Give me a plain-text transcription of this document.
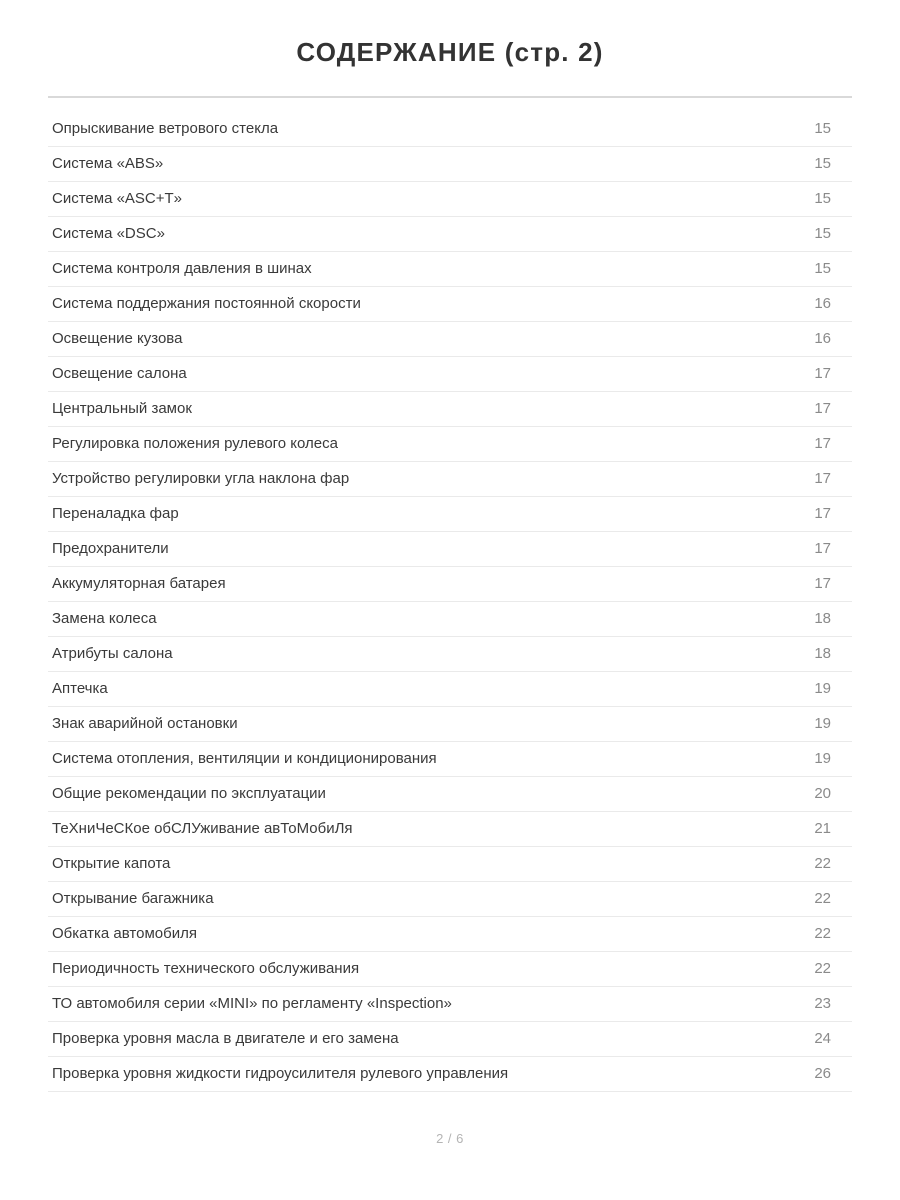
СОДЕРЖАНИЕ (стр. 2)
Опрыскивание ветрового стекла	15
Система «ABS»	15
Система «ASC+T»	15
Система «DSC»	15
Система контроля давления в шинах	15
Система поддержания постоянной скорости	16
Освещение кузова	16
Освещение салона	17
Центральный замок	17
Регулировка положения рулевого колеса	17
Устройство регулировки угла наклона фар	17
Переналадка фар	17
Предохранители	17
Аккумуляторная батарея	17
Замена колеса	18
Атрибуты салона	18
Аптечка	19
Знак аварийной остановки	19
Система отопления, вентиляции и кондиционирования	19
Общие рекомендации по эксплуатации	20
ТеХниЧеСКое обСЛУживание авТоМобиЛя	21
Открытие капота	22
Открывание багажника	22
Обкатка автомобиля	22
Периодичность технического обслуживания	22
ТО автомобиля серии «MINI» по регламенту «Inspection»	23
Проверка уровня масла в двигателе и его замена	24
Проверка уровня жидкости гидроусилителя рулевого управления	26
2 / 6
